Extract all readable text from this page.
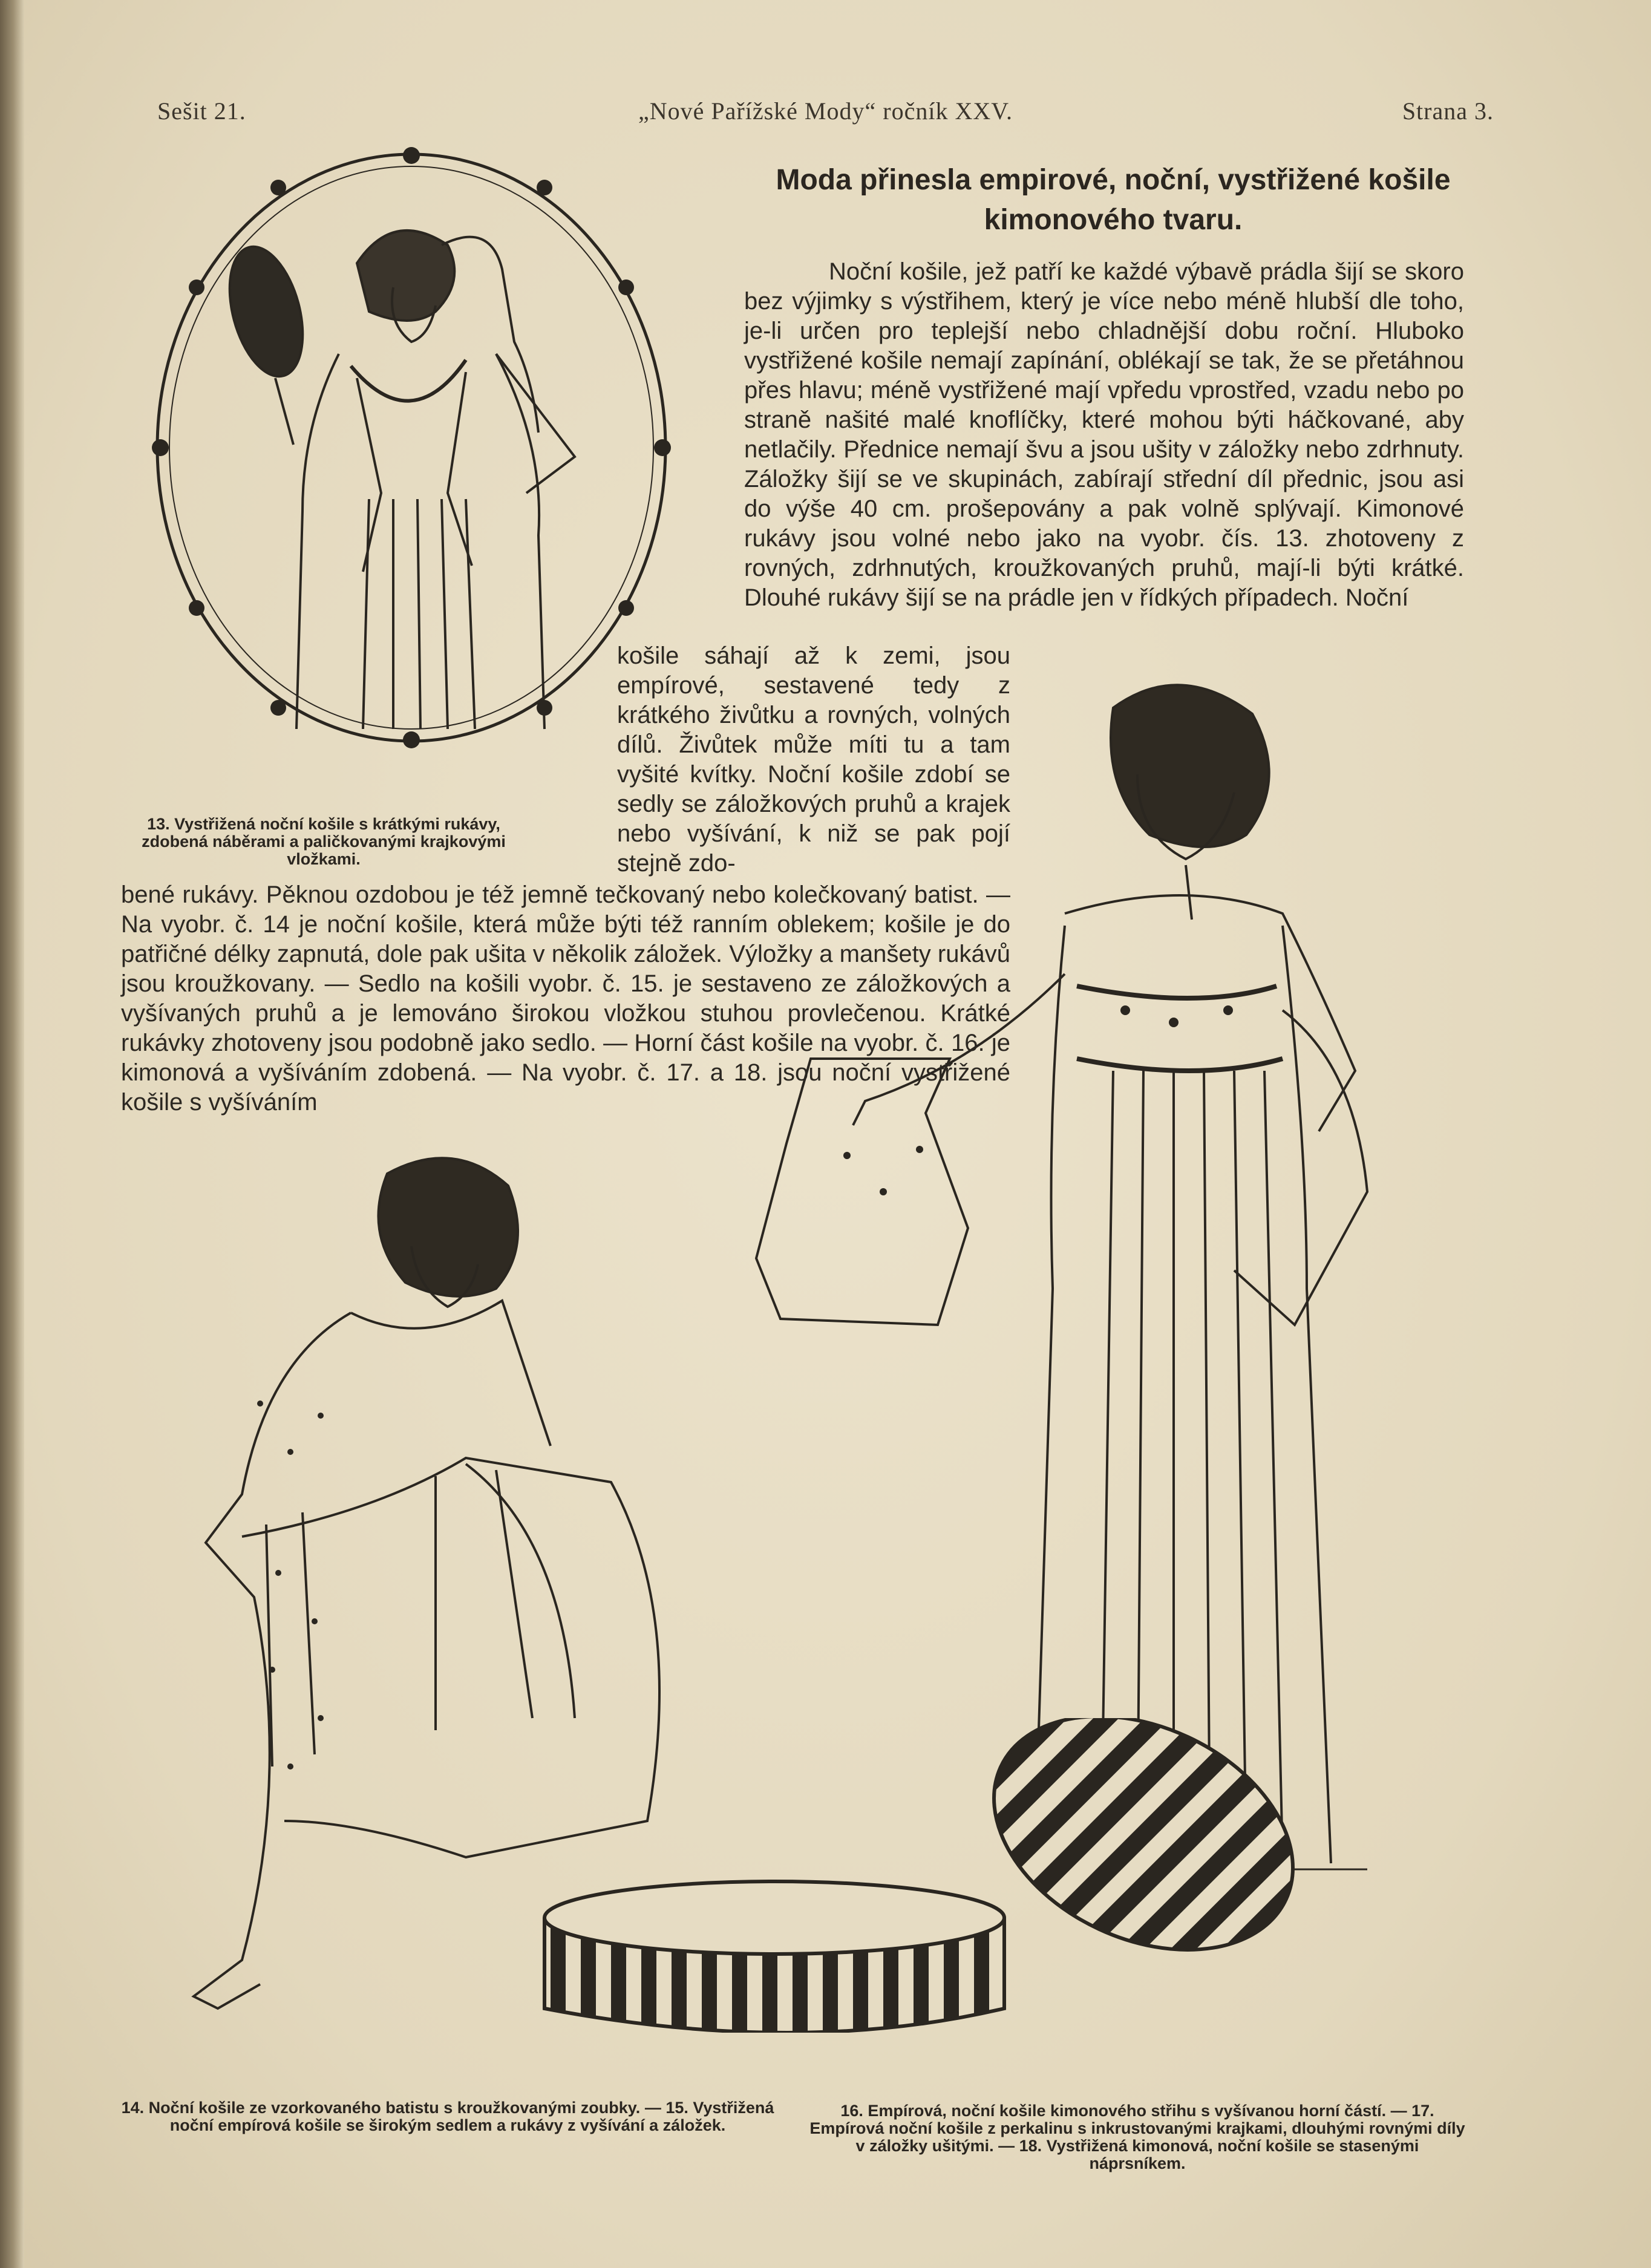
Sešit 21.	„Nové Pařížské Mody“ ročník XXV.	Strana 3.
Moda přinesla empirové, noční, vystřižené košile kimonového tvaru.
Noční košile, jež patří ke každé výbavě prádla šijí se skoro bez výjimky s výstřihem, který je více nebo méně hlubší dle toho, je-li určen pro teplejší nebo chladnější dobu roční. Hluboko vystřižené košile nemají zapínání, oblékají se tak, že se přetáhnou přes hlavu; méně vystřižené mají vpředu vprostřed, vzadu nebo po straně našité malé knoflíčky, které mohou býti háčkované, aby netlačily. Přednice nemají švu a jsou ušity v záložky nebo zdrhnuty. Záložky šijí se ve skupinách, zabírají střední díl přednic, jsou asi do výše 40 cm. prošepovány a pak volně splývají. Kimonové rukávy jsou volné nebo jako na vyobr. čís. 13. zhotoveny z rovných, zdrhnutých, kroužkovaných pruhů, mají-li býti krátké. Dlouhé rukávy šijí se na prádle jen v řídkých případech. Noční
košile sáhají až k zemi, jsou empírové, sestavené tedy z krátkého živůtku a rovných, volných dílů. Živůtek může míti tu a tam vyšité kvítky. Noční košile zdobí se sedly se záložkových pruhů a krajek nebo vyšívání, k niž se pak pojí stejně zdo-
13. Vystřižená noční košile s krátkými rukávy, zdobená náběrami a paličkovanými krajkovými vložkami.
bené rukávy. Pěknou ozdobou je též jemně tečkovaný nebo kolečkovaný batist. — Na vyobr. č. 14 je noční košile, která může býti též ranním oblekem; košile je do patřičné délky zapnutá, dole pak ušita v několik záložek. Výložky a manšety rukávů jsou kroužkovany. — Sedlo na košili vyobr. č. 15. je sestaveno ze záložkových a vyšívaných pruhů a je lemováno širokou vložkou stuhou provlečenou. Krátké rukávky zhotoveny jsou podobně jako sedlo. — Horní část košile na vyobr. č. 16. je kimonová a vyšíváním zdobená. — Na vyobr. č. 17. a 18. jsou noční vystřižené košile s vyšíváním
14. Noční košile ze vzorkovaného batistu s kroužkovanými zoubky. — 15. Vystřižená noční empírová košile se širokým sedlem a rukávy z vyšívání a záložek.
16. Empírová, noční košile kimonového střihu s vyšívanou horní částí. — 17. Empírová noční košile z perkalinu s inkrustovanými krajkami, dlouhými rovnými díly v záložky ušitými. — 18. Vystřižená kimonová, noční košile se stasenými náprsníkem.
